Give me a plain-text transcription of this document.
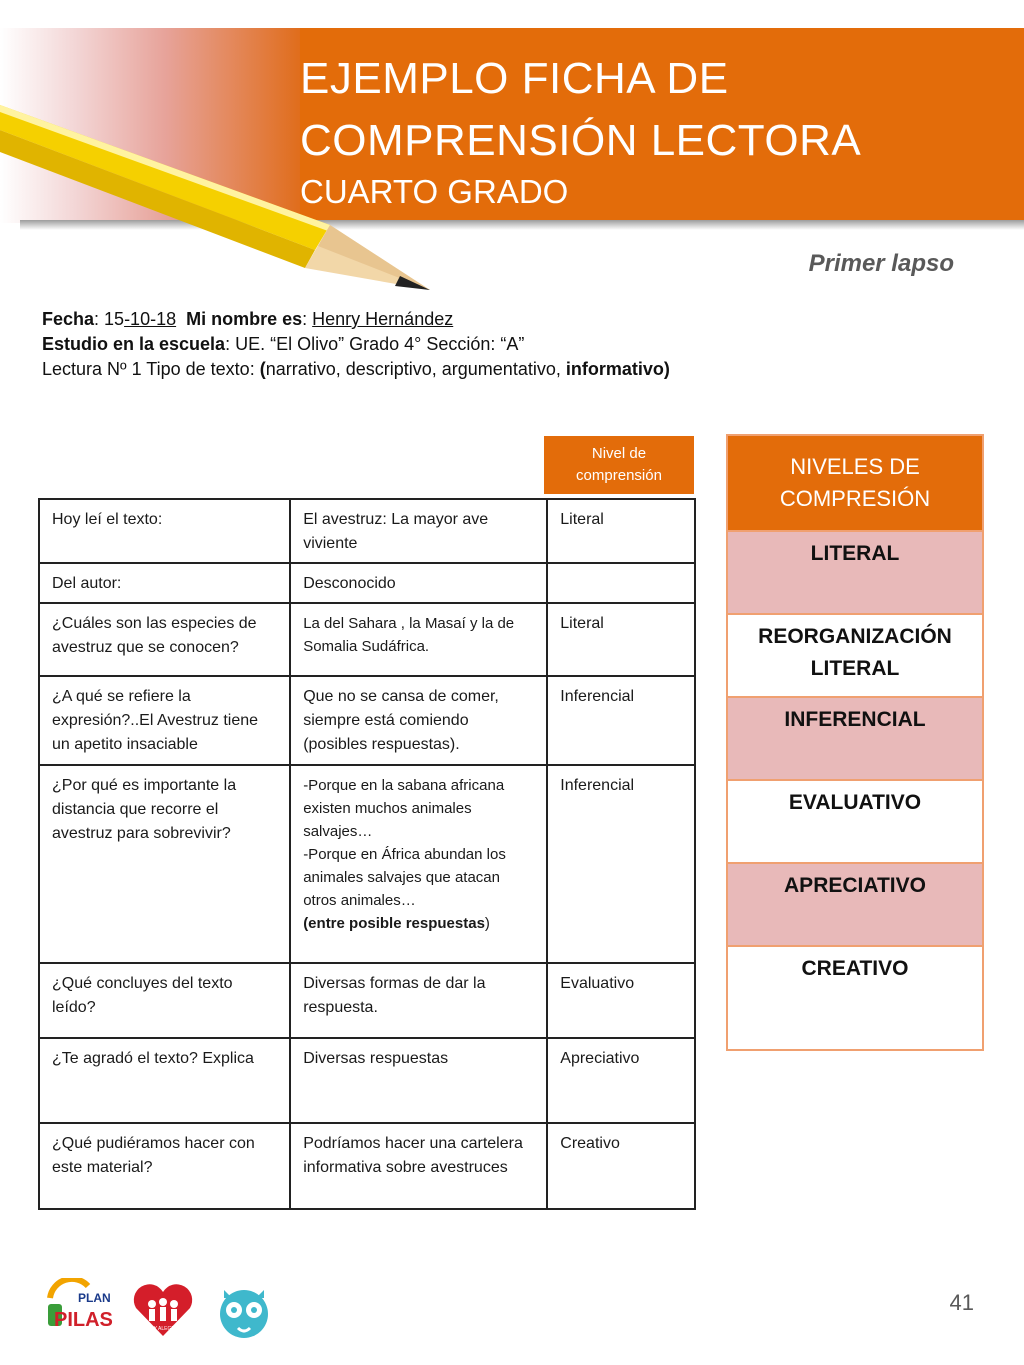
EJEMPLO FICHA DE
COMPRENSIÓN LECTORA
CUARTO GRADO
Primer lapso
Fecha: 15-10-18 Mi nombre es: Henry Hernández
Estudio en la escuela: UE. “El Olivo” Grado 4° Sección: “A”
Lectura Nº 1 Tipo de texto: (narrativo, descriptivo, argumentativo, informativo)
Nivel de
comprensión
Hoy leí el texto:	El avestruz: La mayor ave viviente	Literal
Del autor:	Desconocido	
¿Cuáles son las especies de avestruz que se conocen?	La del Sahara , la Masaí y la de Somalia Sudáfrica.	Literal
¿A qué se refiere la expresión?..El Avestruz tiene un apetito insaciable	Que no se cansa de comer, siempre está comiendo (posibles respuestas).	Inferencial
¿Por qué es importante la distancia que recorre el avestruz para sobrevivir?	-Porque en la sabana africana existen muchos animales salvajes…
-Porque en África abundan los animales salvajes que atacan otros animales…
(entre posible respuestas)	Inferencial
¿Qué concluyes del texto leído?	Diversas formas de dar la respuesta.	Evaluativo
¿Te agradó el texto? Explica	Diversas respuestas	Apreciativo
¿Qué pudiéramos hacer con este material?	Podríamos hacer una cartelera informativa sobre avestruces	Creativo
NIVELES DE
COMPRESIÓN
LITERAL
REORGANIZACIÓN
LITERAL
INFERENCIAL
EVALUATIVO
APRECIATIVO
CREATIVO
PLAN
PILAS	FE Y ALEGRÍA
41
